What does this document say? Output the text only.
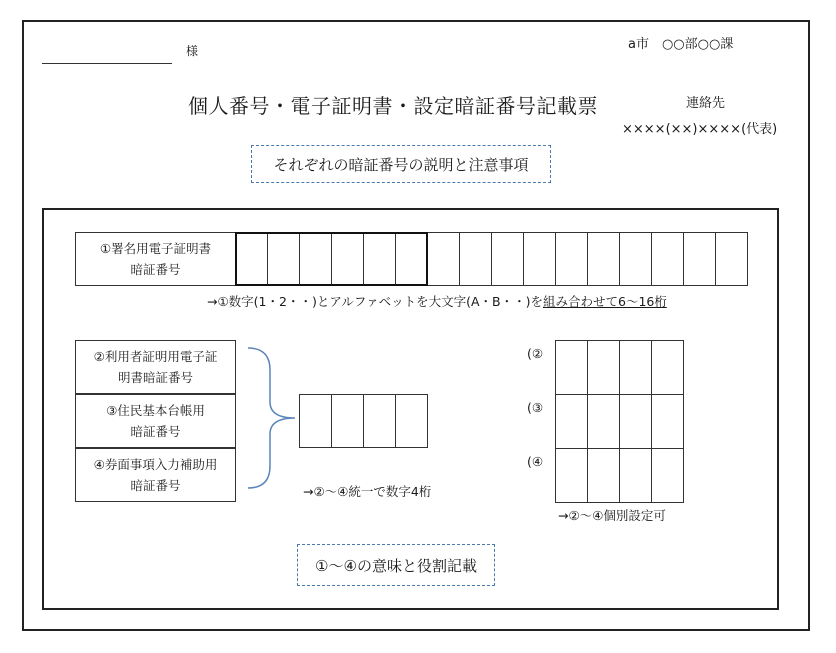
様	a市　○○部○○課
個人番号・電子証明書・設定暗証番号記載票	連絡先
××××(××)××××(代表)
それぞれの暗証番号の説明と注意事項
①署名用電子証明書
暗証番号
→①数字(1・2・・)とアルファベットを大文字(A・B・・)を組み合わせて6～16桁
②利用者証明用電子証
明書暗証番号
③住民基本台帳用
暗証番号
④券面事項入力補助用
暗証番号	→②～④統一で数字4桁
(②
(③
(④
→②～④個別設定可
①～④の意味と役割記載
